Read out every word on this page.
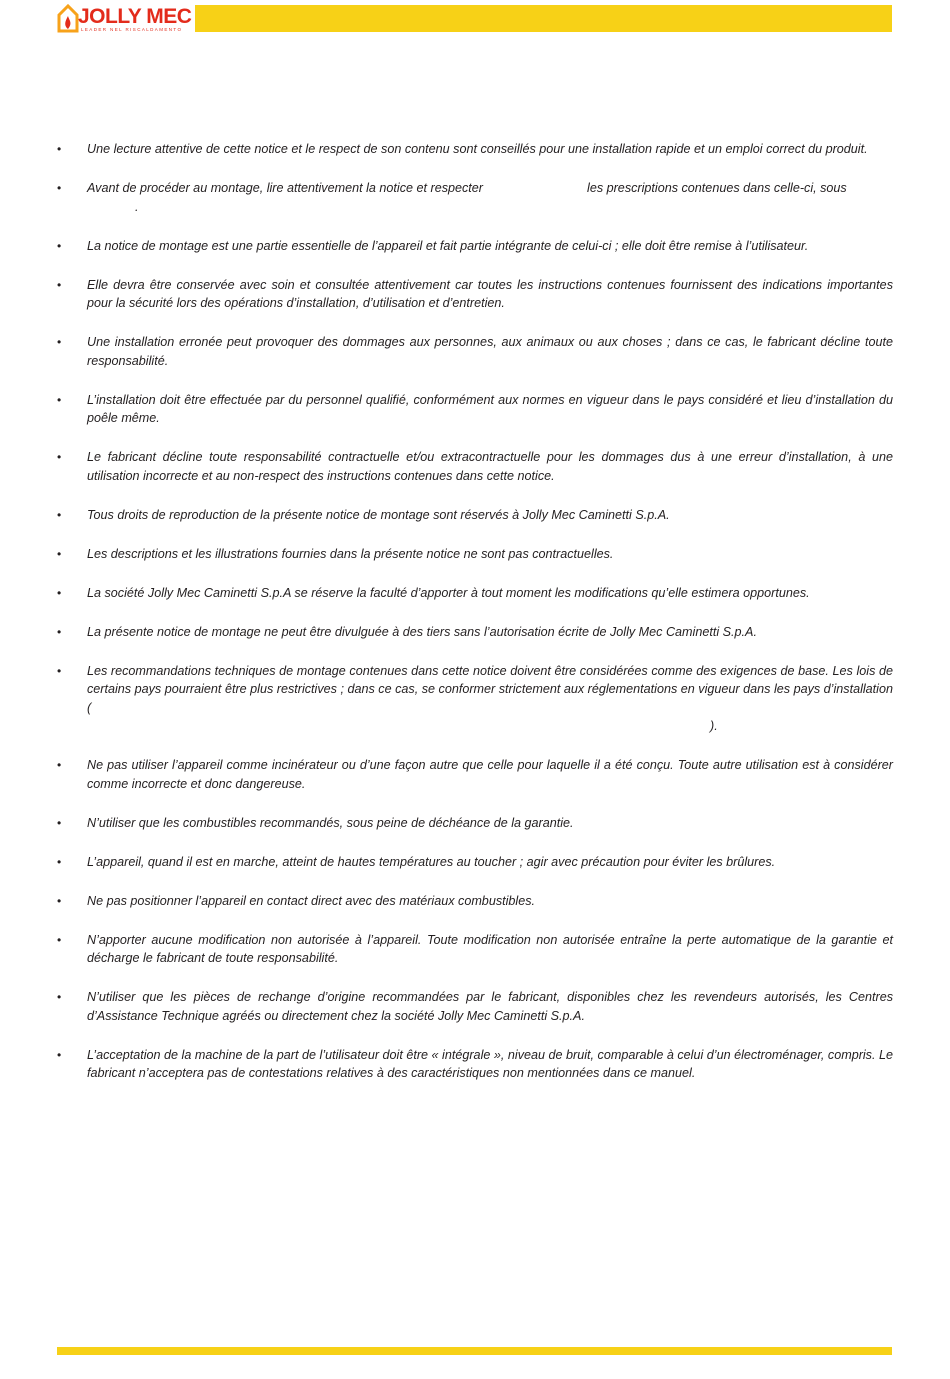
JOLLY MEC
LEADER NEL RISCALDAMENTO
• Une lecture attentive de cette notice et le respect de son contenu sont conseillés pour une installation rapide et un emploi correct du produit.
• Avant de procéder au montage, lire attentivement la notice et respecter	les prescriptions contenues dans celle-ci, sous
.
• La notice de montage est une partie essentielle de l’appareil et fait partie intégrante de celui-ci ; elle doit être remise à l’utilisateur.
• Elle devra être conservée avec soin et consultée attentivement car toutes les instructions contenues fournissent des indications importantes pour la sécurité lors des opérations d’installation, d’utilisation et d’entretien.
• Une installation erronée peut provoquer des dommages aux personnes, aux animaux ou aux choses ; dans ce cas, le fabricant décline toute responsabilité.
• L’installation doit être effectuée par du personnel qualifié, conformément aux normes en vigueur dans le pays considéré et lieu d’installation du poêle même.
• Le fabricant décline toute responsabilité contractuelle et/ou extracontractuelle pour les dommages dus à une erreur d’installation, à une utilisation incorrecte et au non-respect des instructions contenues dans cette notice.
• Tous droits de reproduction de la présente notice de montage sont réservés à Jolly Mec Caminetti S.p.A.
• Les descriptions et les illustrations fournies dans la présente notice ne sont pas contractuelles.
• La société Jolly Mec Caminetti S.p.A se réserve la faculté d’apporter à tout moment les modifications qu’elle estimera opportunes.
• La présente notice de montage ne peut être divulguée à des tiers sans l’autorisation écrite de Jolly Mec Caminetti S.p.A.
• Les recommandations techniques de montage contenues dans cette notice doivent être considérées comme des exigences de base. Les lois de certains pays pourraient être plus restrictives ; dans ce cas, se conformer strictement aux réglementations en vigueur dans les pays d’installation (
).
• Ne pas utiliser l’appareil comme incinérateur ou d’une façon autre que celle pour laquelle il a été conçu. Toute autre utilisation est à considérer comme incorrecte et donc dangereuse.
• N’utiliser que les combustibles recommandés, sous peine de déchéance de la garantie.
• L’appareil, quand il est en marche, atteint de hautes températures au toucher ; agir avec précaution pour éviter les brûlures.
• Ne pas positionner l’appareil en contact direct avec des matériaux combustibles.
• N’apporter aucune modification non autorisée à l’appareil. Toute modification non autorisée entraîne la perte automatique de la garantie et décharge le fabricant de toute responsabilité.
• N’utiliser que les pièces de rechange d’origine recommandées par le fabricant, disponibles chez les revendeurs autorisés, les Centres d’Assistance Technique agréés ou directement chez la société Jolly Mec Caminetti S.p.A.
• L’acceptation de la machine de la part de l’utilisateur doit être « intégrale », niveau de bruit, comparable à celui d’un électroménager, compris. Le fabricant n’acceptera pas de contestations relatives à des caractéristiques non mentionnées dans ce manuel.
